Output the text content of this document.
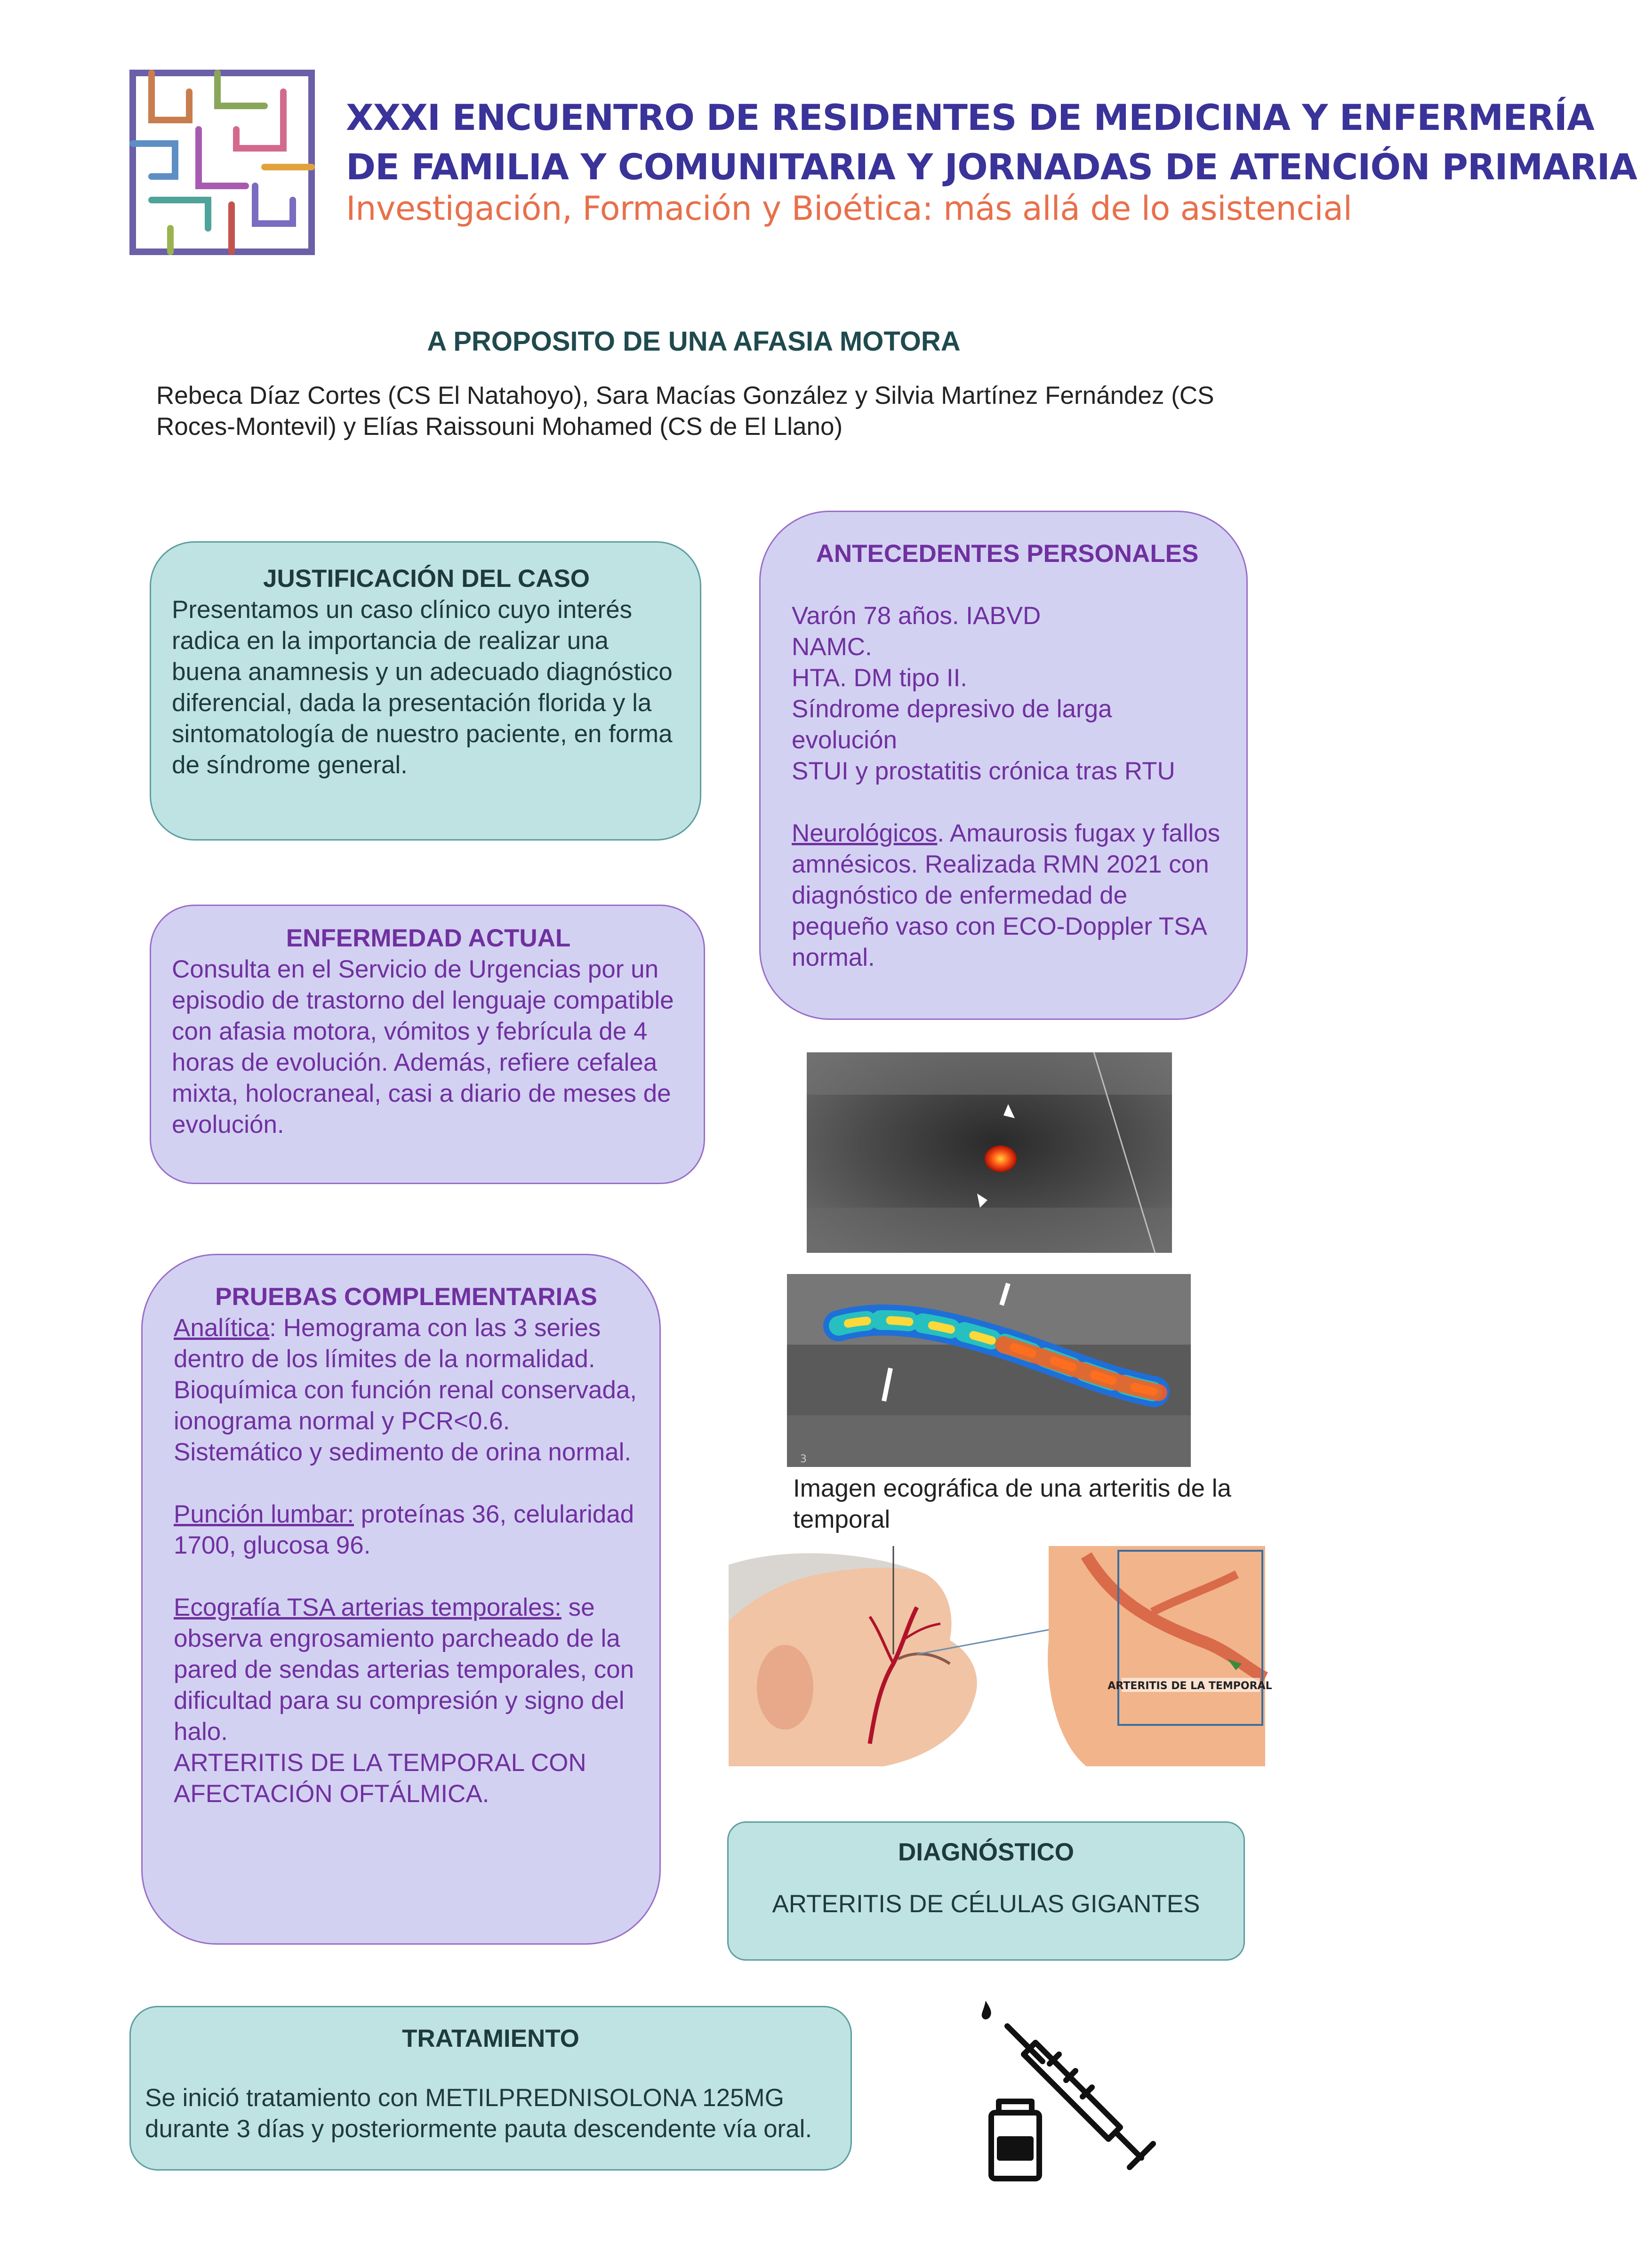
XXXI ENCUENTRO DE RESIDENTES DE MEDICINA Y ENFERMERÍA
DE FAMILIA Y COMUNITARIA Y JORNADAS DE ATENCIÓN PRIMARIA
Investigación, Formación y Bioética: más allá de lo asistencial
A PROPOSITO DE UNA AFASIA MOTORA
Rebeca Díaz Cortes (CS El Natahoyo), Sara Macías González y Silvia Martínez Fernández (CS Roces-Montevil) y Elías Raissouni Mohamed (CS de El Llano)
JUSTIFICACIÓN DEL CASO

Presentamos un caso clínico cuyo interés radica en la importancia de realizar una buena anamnesis y un adecuado diagnóstico diferencial, dada la presentación florida y la sintomatología de nuestro paciente, en forma de síndrome general.

ANTECEDENTES PERSONALES
Varón 78 años. IABVD
NAMC.
HTA. DM tipo II.
Síndrome depresivo de larga evolución
STUI y prostatitis crónica tras RTU

Neurológicos. Amaurosis fugax y fallos amnésicos. Realizada RMN 2021 con diagnóstico de enfermedad de pequeño vaso con ECO-Doppler TSA normal.

ENFERMEDAD ACTUAL

Consulta en el Servicio de Urgencias por un episodio de trastorno del lenguaje compatible con afasia motora, vómitos y febrícula de 4 horas de evolución. Además, refiere cefalea mixta, holocraneal, casi a diario de meses de evolución.

3
Imagen ecográfica de una arteritis de la temporal
PRUEBAS COMPLEMENTARIAS

Analítica: Hemograma con las 3 series dentro de los límites de la normalidad. Bioquímica con función renal conservada, ionograma normal y PCR<0.6.

Sistemático y sedimento de orina normal.

Punción lumbar: proteínas 36, celularidad 1700, glucosa 96.

Ecografía TSA arterias temporales: se observa engrosamiento parcheado de la pared de sendas arterias temporales, con dificultad para su compresión y signo del halo.

ARTERITIS DE LA TEMPORAL CON AFECTACIÓN OFTÁLMICA.

ARTERITIS DE LA TEMPORAL
DIAGNÓSTICO
ARTERITIS DE CÉLULAS GIGANTES
TRATAMIENTO

Se inició tratamiento con METILPREDNISOLONA 125MG durante 3 días y posteriormente pauta descendente vía oral.
